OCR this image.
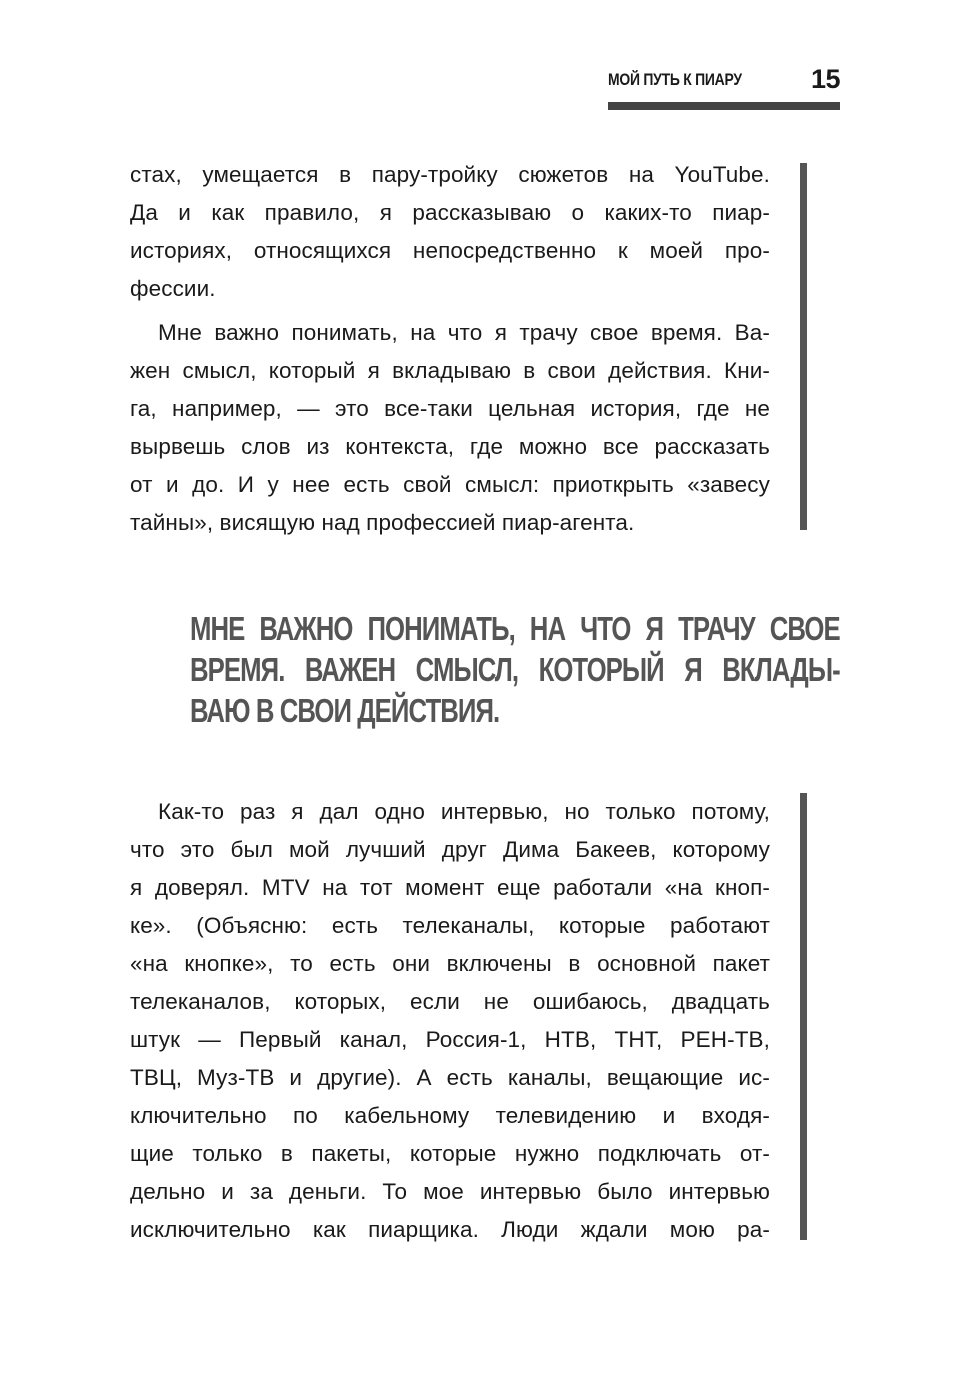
МОЙ ПУТЬ К ПИАРУ	15

стах, умещается в пару-тройку сюжетов на YouTube.
Да и как правило, я рассказываю о каких-то пиар-
историях, относящихся непосредственно к моей про-
фессии.

Мне важно понимать, на что я трачу свое время. Ва-
жен смысл, который я вкладываю в свои действия. Кни-
га, например, — это все-таки цельная история, где не
вырвешь слов из контекста, где можно все рассказать
от и до. И у нее есть свой смысл: приоткрыть «завесу
тайны», висящую над профессией пиар-агента.

МНЕ ВАЖНО ПОНИМАТЬ, НА ЧТО Я ТРАЧУ СВОЕ
ВРЕМЯ. ВАЖЕН СМЫСЛ, КОТОРЫЙ Я ВКЛАДЫ-
ВАЮ В СВОИ ДЕЙСТВИЯ.

Как-то раз я дал одно интервью, но только потому,
что это был мой лучший друг Дима Бакеев, которому
я доверял. MTV на тот момент еще работали «на кноп-
ке». (Объясню: есть телеканалы, которые работают
«на кнопке», то есть они включены в основной пакет
телеканалов, которых, если не ошибаюсь, двадцать
штук — Первый канал, Россия-1, НТВ, ТНТ, РЕН-ТВ,
ТВЦ, Муз-ТВ и другие). А есть каналы, вещающие ис-
ключительно по кабельному телевидению и входя-
щие только в пакеты, которые нужно подключать от-
дельно и за деньги. То мое интервью было интервью
исключительно как пиарщика. Люди ждали мою ра-
